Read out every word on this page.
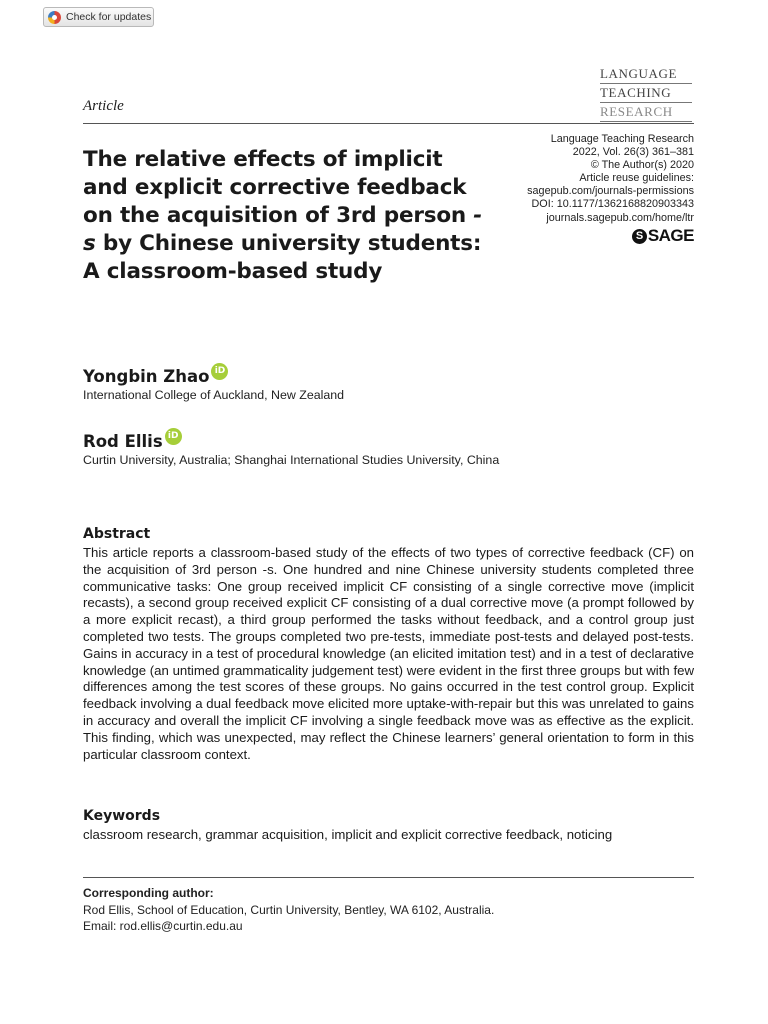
Check for updates
LANGUAGE
TEACHING
RESEARCH
Article
Language Teaching Research
2022, Vol. 26(3) 361–381
© The Author(s) 2020
Article reuse guidelines:
sagepub.com/journals-permissions
DOI: 10.1177/1362168820903343
journals.sagepub.com/home/ltr
S SAGE
The relative effects of implicit and explicit corrective feedback on the acquisition of 3rd person -s by Chinese university students: A classroom-based study
Yongbin Zhao iD
International College of Auckland, New Zealand
Rod Ellis iD
Curtin University, Australia; Shanghai International Studies University, China
Abstract

This article reports a classroom-based study of the effects of two types of corrective feedback (CF) on the acquisition of 3rd person -s. One hundred and nine Chinese university students completed three communicative tasks: One group received implicit CF consisting of a single corrective move (implicit recasts), a second group received explicit CF consisting of a dual corrective move (a prompt followed by a more explicit recast), a third group performed the tasks without feedback, and a control group just completed two tests. The groups completed two pre-tests, immediate post-tests and delayed post-tests. Gains in accuracy in a test of procedural knowledge (an elicited imitation test) and in a test of declarative knowledge (an untimed grammaticality judgement test) were evident in the first three groups but with few differences among the test scores of these groups. No gains occurred in the test control group. Explicit feedback involving a dual feedback move elicited more uptake-with-repair but this was unrelated to gains in accuracy and overall the implicit CF involving a single feedback move was as effective as the explicit. This finding, which was unexpected, may reflect the Chinese learners’ general orientation to form in this particular classroom context.

Keywords

classroom research, grammar acquisition, implicit and explicit corrective feedback, noticing

Corresponding author:
Rod Ellis, School of Education, Curtin University, Bentley, WA 6102, Australia.
Email: rod.ellis@curtin.edu.au
